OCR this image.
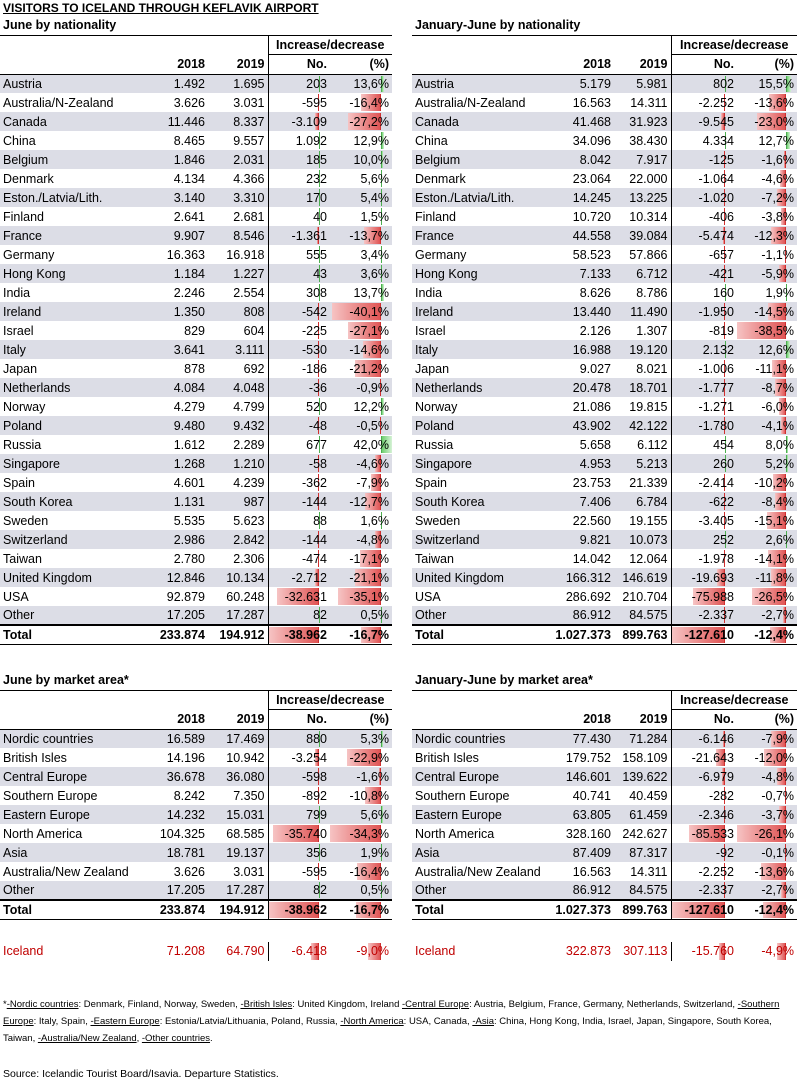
VISITORS TO ICELAND THROUGH KEFLAVIK AIRPORT
June by nationality				
			Increase/decrease	
	2018	2019	No.	(%)
Austria	1.492	1.695	203	13,6%
Australia/N-Zealand	3.626	3.031	-595	-16,4%
Canada	11.446	8.337	-3.109	-27,2%
China	8.465	9.557	1.092	12,9%
Belgium	1.846	2.031	185	10,0%
Denmark	4.134	4.366	232	5,6%
Eston./Latvia/Lith.	3.140	3.310	170	5,4%
Finland	2.641	2.681	40	1,5%
France	9.907	8.546	-1.361	-13,7%
Germany	16.363	16.918	555	3,4%
Hong Kong	1.184	1.227	43	3,6%
India	2.246	2.554	308	13,7%
Ireland	1.350	808	-542	-40,1%
Israel	829	604	-225	-27,1%
Italy	3.641	3.111	-530	-14,6%
Japan	878	692	-186	-21,2%
Netherlands	4.084	4.048	-36	-0,9%
Norway	4.279	4.799	520	12,2%
Poland	9.480	9.432	-48	-0,5%
Russia	1.612	2.289	677	42,0%
Singapore	1.268	1.210	-58	-4,6%
Spain	4.601	4.239	-362	-7,9%
South Korea	1.131	987	-144	-12,7%
Sweden	5.535	5.623	88	1,6%
Switzerland	2.986	2.842	-144	-4,8%
Taiwan	2.780	2.306	-474	-17,1%
United Kingdom	12.846	10.134	-2.712	-21,1%
USA	92.879	60.248	-32.631	-35,1%
Other	17.205	17.287	82	0,5%
Total	233.874	194.912	-38.962	-16,7%
January-June by nationality				
			Increase/decrease	
	2018	2019	No.	(%)
Austria	5.179	5.981	802	15,5%
Australia/N-Zealand	16.563	14.311	-2.252	-13,6%
Canada	41.468	31.923	-9.545	-23,0%
China	34.096	38.430	4.334	12,7%
Belgium	8.042	7.917	-125	-1,6%
Denmark	23.064	22.000	-1.064	-4,6%
Eston./Latvia/Lith.	14.245	13.225	-1.020	-7,2%
Finland	10.720	10.314	-406	-3,8%
France	44.558	39.084	-5.474	-12,3%
Germany	58.523	57.866	-657	-1,1%
Hong Kong	7.133	6.712	-421	-5,9%
India	8.626	8.786	160	1,9%
Ireland	13.440	11.490	-1.950	-14,5%
Israel	2.126	1.307	-819	-38,5%
Italy	16.988	19.120	2.132	12,6%
Japan	9.027	8.021	-1.006	-11,1%
Netherlands	20.478	18.701	-1.777	-8,7%
Norway	21.086	19.815	-1.271	-6,0%
Poland	43.902	42.122	-1.780	-4,1%
Russia	5.658	6.112	454	8,0%
Singapore	4.953	5.213	260	5,2%
Spain	23.753	21.339	-2.414	-10,2%
South Korea	7.406	6.784	-622	-8,4%
Sweden	22.560	19.155	-3.405	-15,1%
Switzerland	9.821	10.073	252	2,6%
Taiwan	14.042	12.064	-1.978	-14,1%
United Kingdom	166.312	146.619	-19.693	-11,8%
USA	286.692	210.704	-75.988	-26,5%
Other	86.912	84.575	-2.337	-2,7%
Total	1.027.373	899.763	-127.610	-12,4%
June by market area*				
			Increase/decrease	
	2018	2019	No.	(%)
Nordic countries	16.589	17.469	880	5,3%
British Isles	14.196	10.942	-3.254	-22,9%
Central Europe	36.678	36.080	-598	-1,6%
Southern Europe	8.242	7.350	-892	-10,8%
Eastern Europe	14.232	15.031	799	5,6%
North America	104.325	68.585	-35.740	-34,3%
Asia	18.781	19.137	356	1,9%
Australia/New Zealand	3.626	3.031	-595	-16,4%
Other	17.205	17.287	82	0,5%
Total	233.874	194.912	-38.962	-16,7%

Iceland	71.208	64.790	-6.418	-9,0%
January-June by market area*				
			Increase/decrease	
	2018	2019	No.	(%)
Nordic countries	77.430	71.284	-6.146	-7,9%
British Isles	179.752	158.109	-21.643	-12,0%
Central Europe	146.601	139.622	-6.979	-4,8%
Southern Europe	40.741	40.459	-282	-0,7%
Eastern Europe	63.805	61.459	-2.346	-3,7%
North America	328.160	242.627	-85.533	-26,1%
Asia	87.409	87.317	-92	-0,1%
Australia/New Zealand	16.563	14.311	-2.252	-13,6%
Other	86.912	84.575	-2.337	-2,7%
Total	1.027.373	899.763	-127.610	-12,4%

Iceland	322.873	307.113	-15.760	-4,9%
*-Nordic countries: Denmark, Finland, Norway, Sweden, -British Isles: United Kingdom, Ireland -Central Europe: Austria, Belgium, France, Germany, Netherlands, Switzerland, -Southern Europe: Italy, Spain, -Eastern Europe: Estonia/Latvia/Lithuania, Poland, Russia, -North America: USA, Canada, -Asia: China, Hong Kong, India, Israel, Japan, Singapore, South Korea, Taiwan, -Australia/New Zealand, -Other countries.
Source: Icelandic Tourist Board/Isavia. Departure Statistics.
